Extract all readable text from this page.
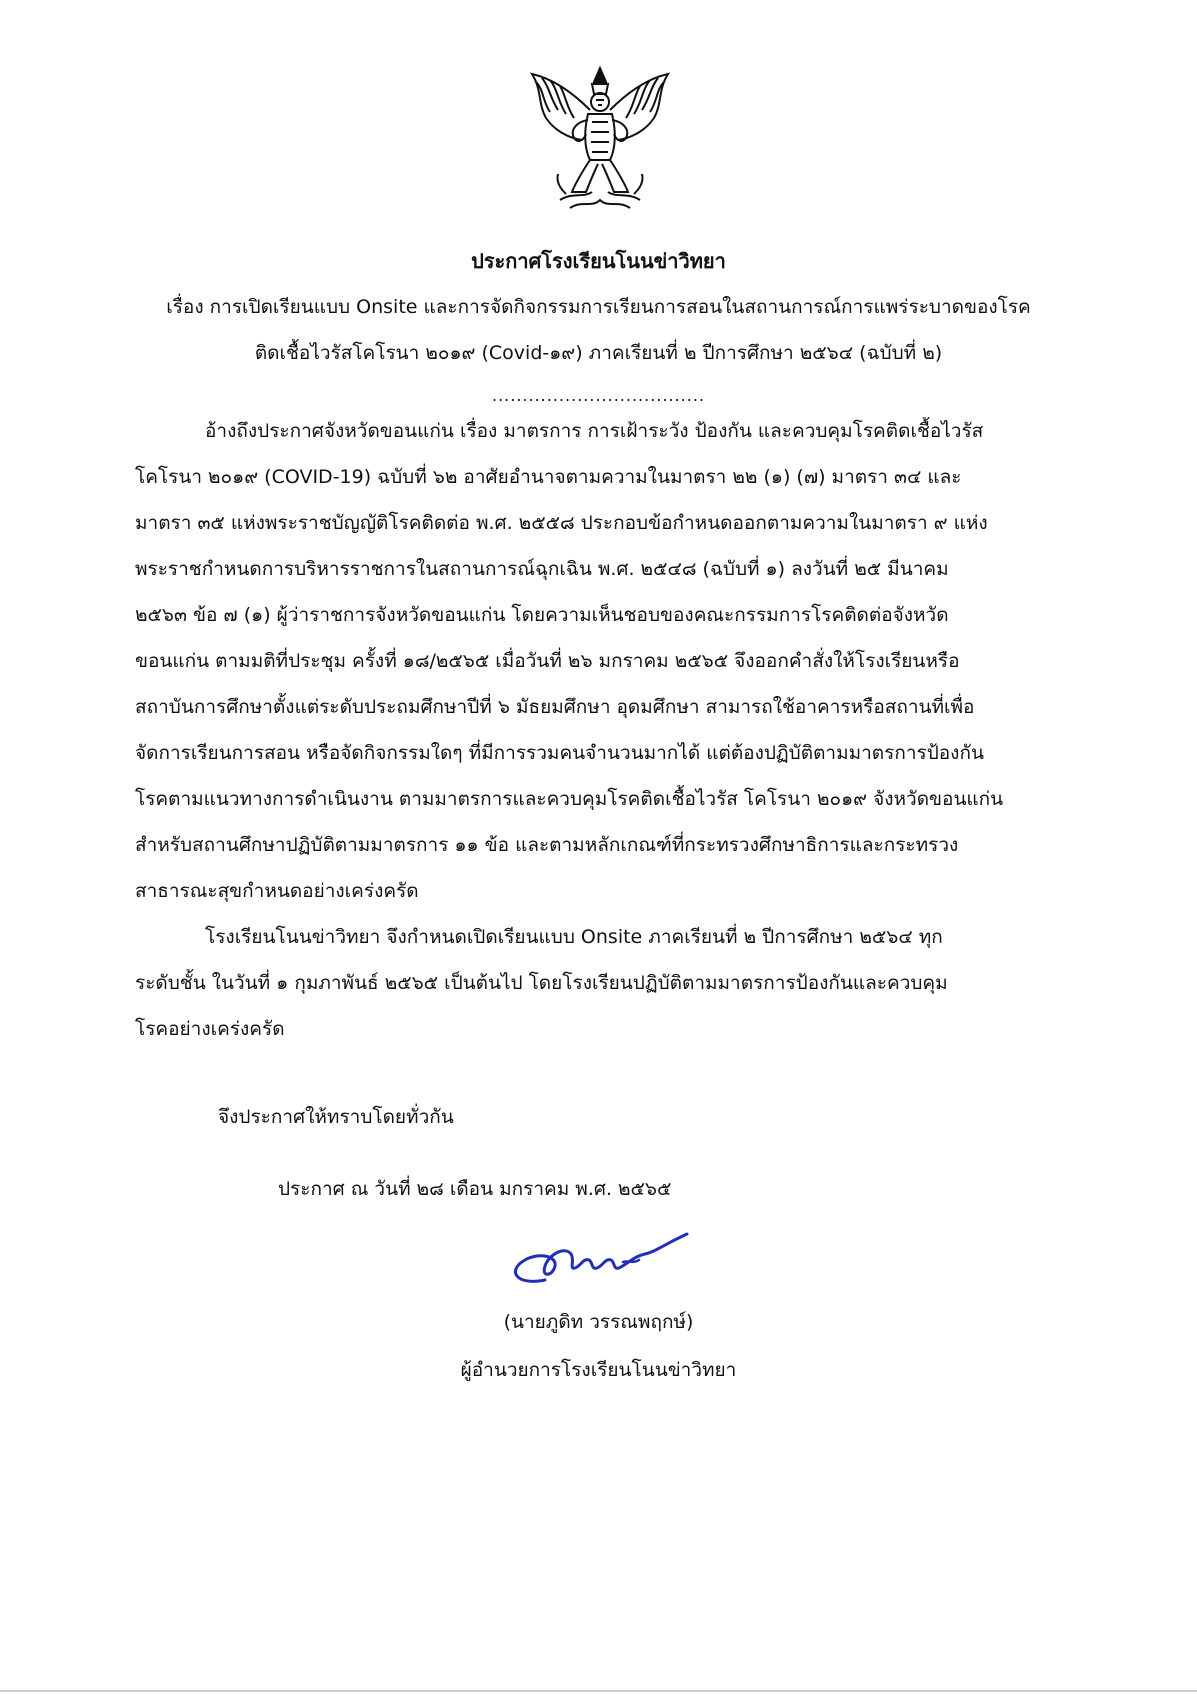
ประกาศโรงเรียนโนนข่าวิทยา
เรื่อง การเปิดเรียนแบบ Onsite และการจัดกิจกรรมการเรียนการสอนในสถานการณ์การแพร่ระบาดของโรค
ติดเชื้อไวรัสโคโรนา ๒๐๑๙ (Covid-๑๙) ภาคเรียนที่ ๒ ปีการศึกษา ๒๕๖๔ (ฉบับที่ ๒)
...................................
อ้างถึงประกาศจังหวัดขอนแก่น เรื่อง มาตรการ การเฝ้าระวัง ป้องกัน และควบคุมโรคติดเชื้อไวรัส
โคโรนา ๒๐๑๙ (COVID-19) ฉบับที่ ๖๒ อาศัยอำนาจตามความในมาตรา ๒๒ (๑) (๗) มาตรา ๓๔ และ
มาตรา ๓๕ แห่งพระราชบัญญัติโรคติดต่อ พ.ศ. ๒๕๕๘ ประกอบข้อกำหนดออกตามความในมาตรา ๙ แห่ง
พระราชกำหนดการบริหารราชการในสถานการณ์ฉุกเฉิน พ.ศ. ๒๕๔๘ (ฉบับที่ ๑) ลงวันที่ ๒๕ มีนาคม
๒๕๖๓ ข้อ ๗ (๑) ผู้ว่าราชการจังหวัดขอนแก่น โดยความเห็นชอบของคณะกรรมการโรคติดต่อจังหวัด
ขอนแก่น ตามมติที่ประชุม ครั้งที่ ๑๘/๒๕๖๕ เมื่อวันที่ ๒๖ มกราคม ๒๕๖๕ จึงออกคำสั่งให้โรงเรียนหรือ
สถาบันการศึกษาตั้งแต่ระดับประถมศึกษาปีที่ ๖ มัธยมศึกษา อุดมศึกษา สามารถใช้อาคารหรือสถานที่เพื่อ
จัดการเรียนการสอน หรือจัดกิจกรรมใดๆ ที่มีการรวมคนจำนวนมากได้ แต่ต้องปฏิบัติตามมาตรการป้องกัน
โรคตามแนวทางการดำเนินงาน ตามมาตรการและควบคุมโรคติดเชื้อไวรัส โคโรนา ๒๐๑๙ จังหวัดขอนแก่น
สำหรับสถานศึกษาปฏิบัติตามมาตรการ ๑๑ ข้อ และตามหลักเกณฑ์ที่กระทรวงศึกษาธิการและกระทรวง
สาธารณะสุขกำหนดอย่างเคร่งครัด
โรงเรียนโนนข่าวิทยา จึงกำหนดเปิดเรียนแบบ Onsite ภาคเรียนที่ ๒ ปีการศึกษา ๒๕๖๔ ทุก
ระดับชั้น ในวันที่ ๑ กุมภาพันธ์ ๒๕๖๕ เป็นต้นไป โดยโรงเรียนปฏิบัติตามมาตรการป้องกันและควบคุม
โรคอย่างเคร่งครัด
จึงประกาศให้ทราบโดยทั่วกัน
ประกาศ ณ วันที่ ๒๘ เดือน มกราคม พ.ศ. ๒๕๖๕
(นายภูดิท วรรณพฤกษ์)
ผู้อำนวยการโรงเรียนโนนข่าวิทยา
